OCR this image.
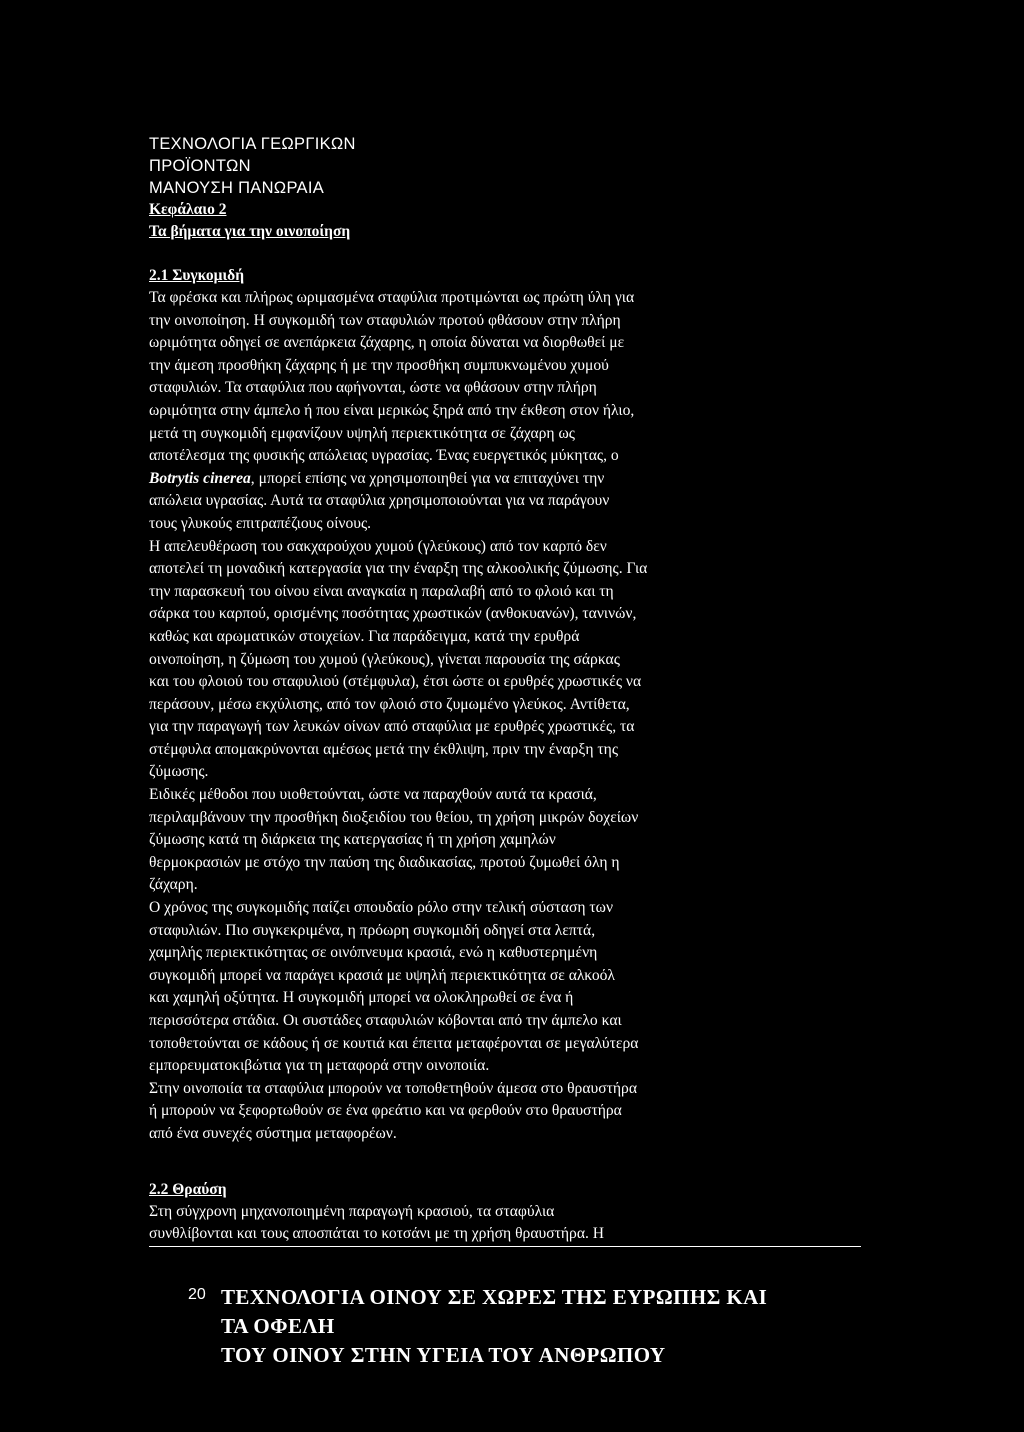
ΤΕΧΝΟΛΟΓΙΑ ΓΕΩΡΓΙΚΩΝ
ΠΡΟΪΟΝΤΩΝ
ΜΑΝΟΥΣΗ ΠΑΝΩΡΑΙΑ
Κεφάλαιο 2
Τα βήματα για την οινοποίηση
2.1 Συγκομιδή

Τα φρέσκα και πλήρως ωριμασμένα σταφύλια προτιμώνται ως πρώτη ύλη για

την οινοποίηση. Η συγκομιδή των σταφυλιών προτού φθάσουν στην πλήρη

ωριμότητα οδηγεί σε ανεπάρκεια ζάχαρης, η οποία δύναται να διορθωθεί με

την άμεση προσθήκη ζάχαρης ή με την προσθήκη συμπυκνωμένου χυμού

σταφυλιών. Τα σταφύλια που αφήνονται, ώστε να φθάσουν στην πλήρη

ωριμότητα στην άμπελο ή που είναι μερικώς ξηρά από την έκθεση στον ήλιο,

μετά τη συγκομιδή εμφανίζουν υψηλή περιεκτικότητα σε ζάχαρη ως

αποτέλεσμα της φυσικής απώλειας υγρασίας. Ένας ευεργετικός μύκητας, ο

Botrytis cinerea, μπορεί επίσης να χρησιμοποιηθεί για να επιταχύνει την

απώλεια υγρασίας. Αυτά τα σταφύλια χρησιμοποιούνται για να παράγουν

τους γλυκούς επιτραπέζιους οίνους.

Η απελευθέρωση του σακχαρούχου χυμού (γλεύκους) από τον καρπό δεν

αποτελεί τη μοναδική κατεργασία για την έναρξη της αλκοολικής ζύμωσης. Για

την παρασκευή του οίνου είναι αναγκαία η παραλαβή από το φλοιό και τη

σάρκα του καρπού, ορισμένης ποσότητας χρωστικών (ανθοκυανών), τανινών,

καθώς και αρωματικών στοιχείων. Για παράδειγμα, κατά την ερυθρά

οινοποίηση, η ζύμωση του χυμού (γλεύκους), γίνεται παρουσία της σάρκας

και του φλοιού του σταφυλιού (στέμφυλα), έτσι ώστε οι ερυθρές χρωστικές να

περάσουν, μέσω εκχύλισης, από τον φλοιό στο ζυμωμένο γλεύκος. Αντίθετα,

για την παραγωγή των λευκών οίνων από σταφύλια με ερυθρές χρωστικές, τα

στέμφυλα απομακρύνονται αμέσως μετά την έκθλιψη, πριν την έναρξη της

ζύμωσης.

Ειδικές μέθοδοι που υιοθετούνται, ώστε να παραχθούν αυτά τα κρασιά,

περιλαμβάνουν την προσθήκη διοξειδίου του θείου, τη χρήση μικρών δοχείων

ζύμωσης κατά τη διάρκεια της κατεργασίας ή τη χρήση χαμηλών

θερμοκρασιών με στόχο την παύση της διαδικασίας, προτού ζυμωθεί όλη η

ζάχαρη.

Ο χρόνος της συγκομιδής παίζει σπουδαίο ρόλο στην τελική σύσταση των

σταφυλιών. Πιο συγκεκριμένα, η πρόωρη συγκομιδή οδηγεί στα λεπτά,

χαμηλής περιεκτικότητας σε οινόπνευμα κρασιά, ενώ η καθυστερημένη

συγκομιδή μπορεί να παράγει κρασιά με υψηλή περιεκτικότητα σε αλκοόλ

και χαμηλή οξύτητα. Η συγκομιδή μπορεί να ολοκληρωθεί σε ένα ή

περισσότερα στάδια. Οι συστάδες σταφυλιών κόβονται από την άμπελο και

τοποθετούνται σε κάδους ή σε κουτιά και έπειτα μεταφέρονται σε μεγαλύτερα

εμπορευματοκιβώτια για τη μεταφορά στην οινοποιία.

Στην οινοποιία τα σταφύλια μπορούν να τοποθετηθούν άμεσα στο θραυστήρα

ή μπορούν να ξεφορτωθούν σε ένα φρεάτιο και να φερθούν στο θραυστήρα

από ένα συνεχές σύστημα μεταφορέων.

2.2 Θραύση

Στη σύγχρονη μηχανοποιημένη παραγωγή κρασιού, τα σταφύλια

συνθλίβονται και τους αποσπάται το κοτσάνι με τη χρήση θραυστήρα. Η

20 ΤΕΧΝΟΛΟΓΙΑ ΟΙΝΟΥ ΣΕ ΧΩΡΕΣ ΤΗΣ ΕΥΡΩΠΗΣ ΚΑΙ
ΤΑ ΟΦΕΛΗ
ΤΟΥ ΟΙΝΟΥ ΣΤΗΝ ΥΓΕΙΑ ΤΟΥ ΑΝΘΡΩΠΟΥ
